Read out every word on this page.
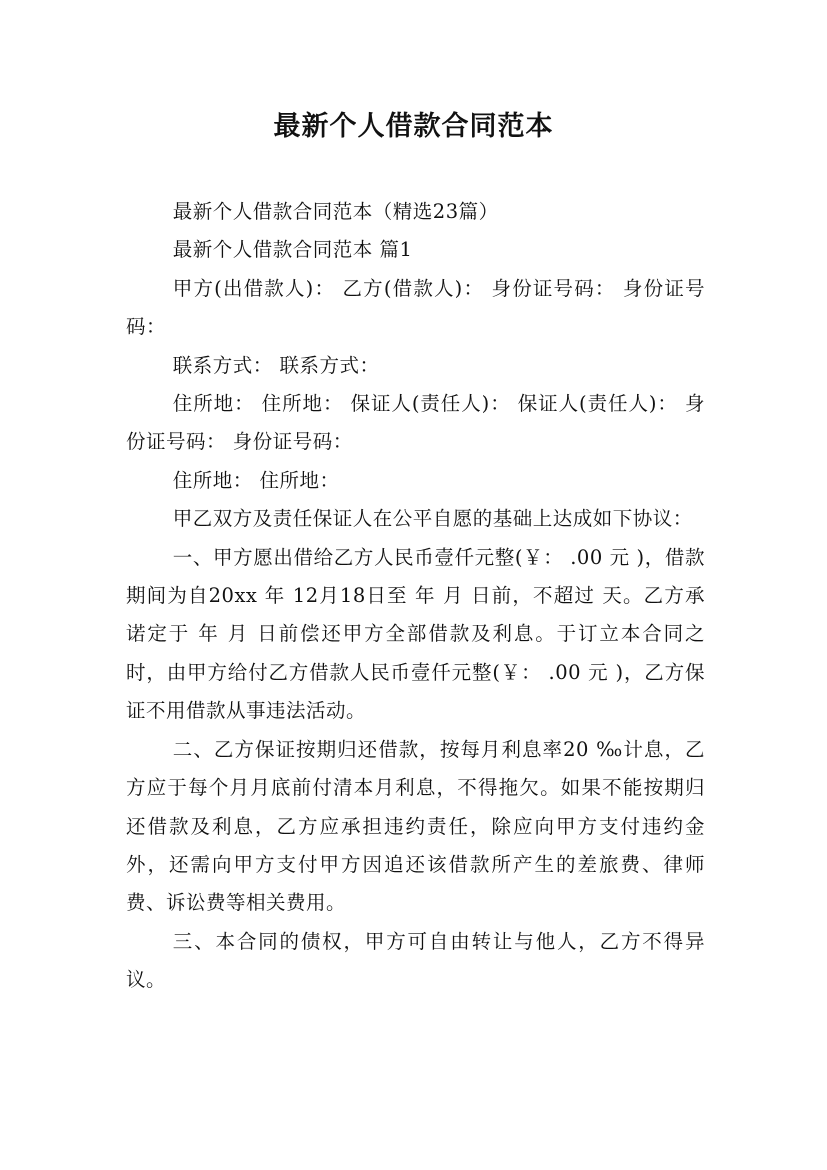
最新个人借款合同范本

最新个人借款合同范本（精选23篇）

最新个人借款合同范本 篇1

甲方(出借款人)： 乙方(借款人)： 身份证号码： 身份证号码：

联系方式： 联系方式：

住所地： 住所地： 保证人(责任人)： 保证人(责任人)： 身份证号码： 身份证号码：

住所地： 住所地：

甲乙双方及责任保证人在公平自愿的基础上达成如下协议：

一、甲方愿出借给乙方人民币壹仟元整(￥： .00 元 )，借款期间为自20xx 年 12月18日至 年 月 日前，不超过 天。乙方承诺定于 年 月 日前偿还甲方全部借款及利息。于订立本合同之时，由甲方给付乙方借款人民币壹仟元整(￥： .00 元 )，乙方保证不用借款从事违法活动。

二、乙方保证按期归还借款，按每月利息率20 ‰计息，乙方应于每个月月底前付清本月利息，不得拖欠。如果不能按期归还借款及利息，乙方应承担违约责任，除应向甲方支付违约金外，还需向甲方支付甲方因追还该借款所产生的差旅费、律师费、诉讼费等相关费用。

三、本合同的债权，甲方可自由转让与他人，乙方不得异议。
